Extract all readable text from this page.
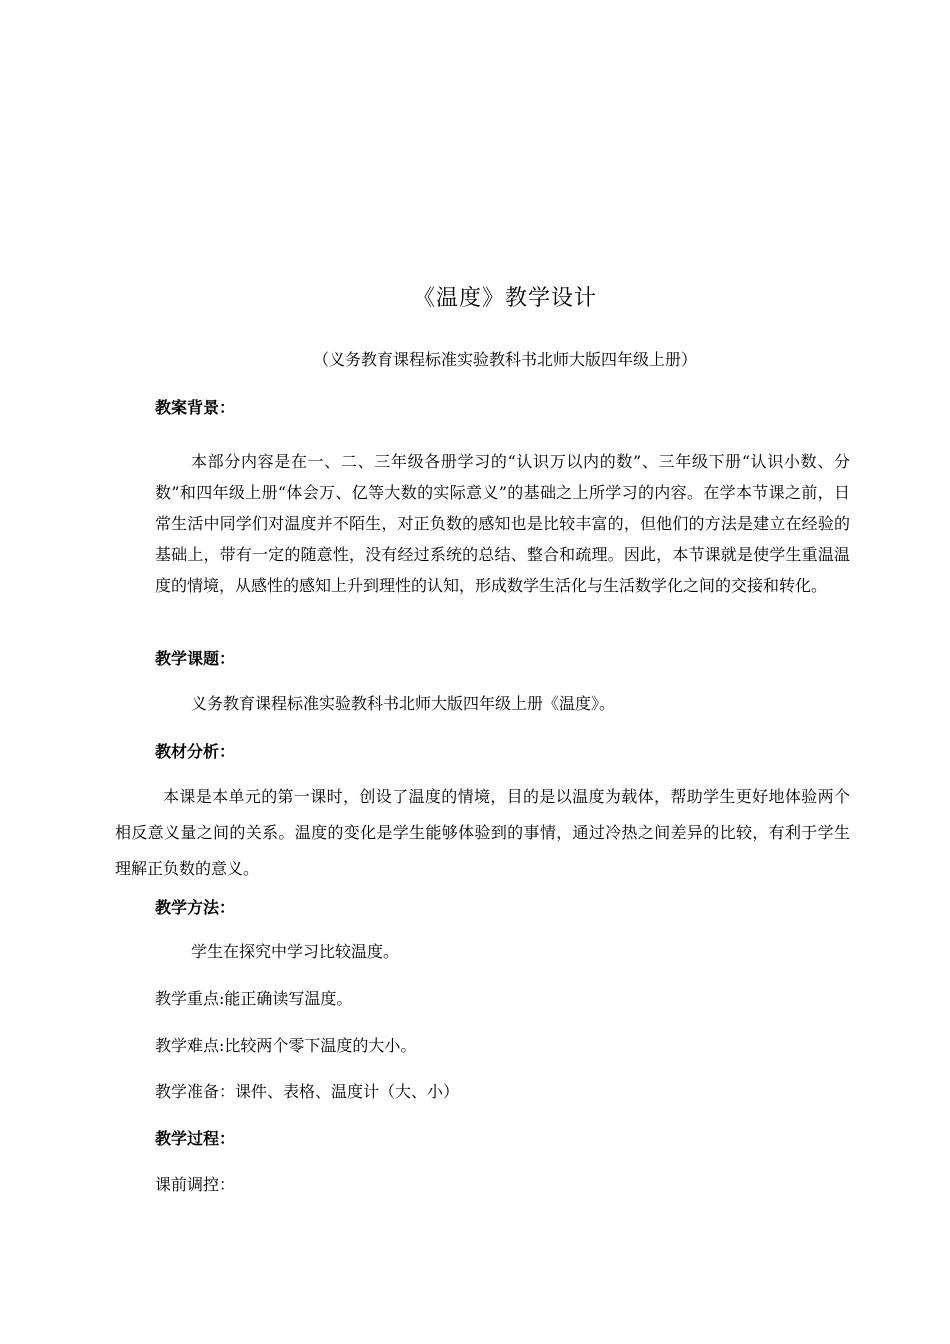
《温度》教学设计
（义务教育课程标准实验教科书北师大版四年级上册）
教案背景：
本部分内容是在一、二、三年级各册学习的“认识万以内的数”、三年级下册“认识小数、分数”和四年级上册“体会万、亿等大数的实际意义”的基础之上所学习的内容。在学本节课之前，日常生活中同学们对温度并不陌生，对正负数的感知也是比较丰富的，但他们的方法是建立在经验的基础上，带有一定的随意性，没有经过系统的总结、整合和疏理。因此，本节课就是使学生重温温度的情境，从感性的感知上升到理性的认知，形成数学生活化与生活数学化之间的交接和转化。
教学课题：
义务教育课程标准实验教科书北师大版四年级上册《温度》。
教材分析：
本课是本单元的第一课时，创设了温度的情境，目的是以温度为载体，帮助学生更好地体验两个相反意义量之间的关系。温度的变化是学生能够体验到的事情，通过冷热之间差异的比较，有利于学生理解正负数的意义。
教学方法：
学生在探究中学习比较温度。
教学重点:能正确读写温度。
教学难点:比较两个零下温度的大小。
教学准备：课件、表格、温度计（大、小）
教学过程：
课前调控：
